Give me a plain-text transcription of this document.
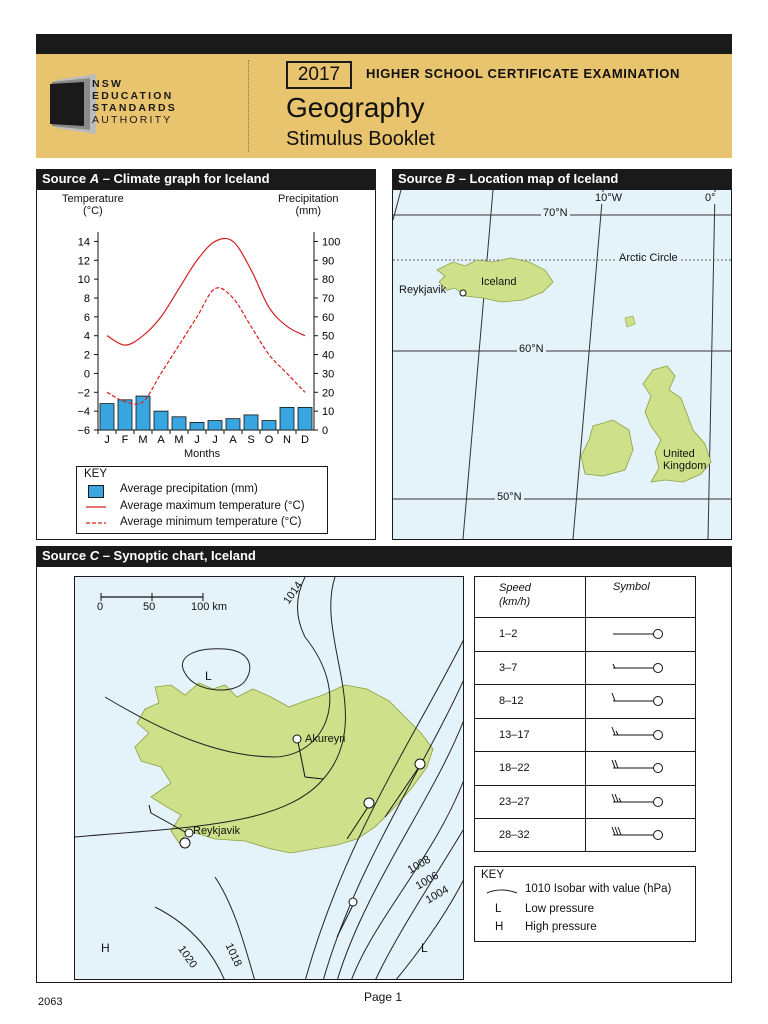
NSW
EDUCATION
STANDARDS
AUTHORITY
2017	HIGHER SCHOOL CERTIFICATE EXAMINATION
Geography
Stimulus Booklet
Source A – Climate graph for Iceland
Temperature
(°C)
Precipitation
(mm)
−6
−4
−2
0
2
4
6
8
10
12
14
0
10
20
30
40
50
60
70
80
90
100
J F M A M J J A S O N D
Months
KEY
Average precipitation (mm)
Average maximum temperature (°C)
Average minimum temperature (°C)
Source B – Location map of Iceland
10°W	0°
70°N
Arctic Circle
Reykjavik
Iceland
60°N
United
Kingdom
50°N
Source C – Synoptic chart, Iceland
0	50	100 km
1014
L
Akureyri
Reykjavik
1008
1006
1004
H	1020 1018	L
Speed
(km/h)
Symbol
1–2
3–7
8–12
13–17
18–22
23–27
28–32
KEY
1010 Isobar with value (hPa)
L Low pressure
H High pressure
2063	Page 1
